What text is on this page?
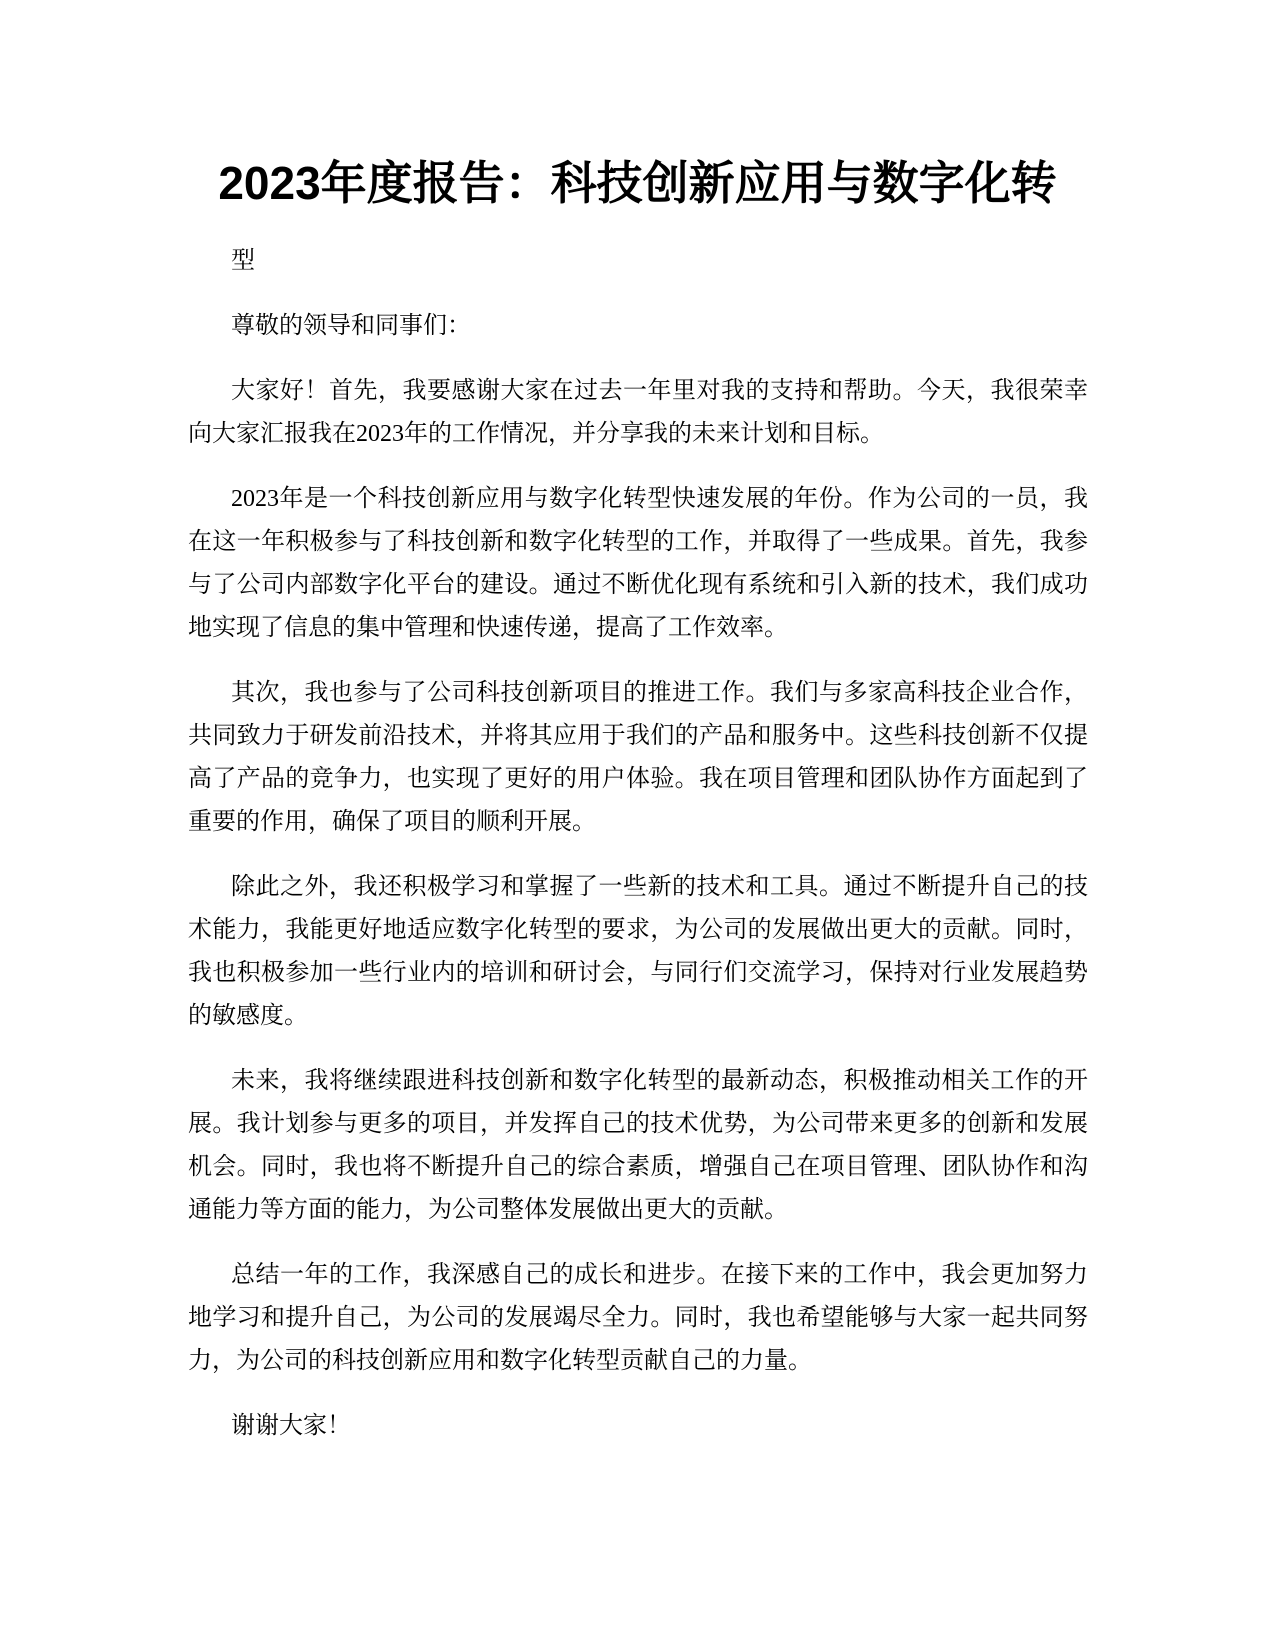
2023年度报告：科技创新应用与数字化转

型

尊敬的领导和同事们：

大家好！首先，我要感谢大家在过去一年里对我的支持和帮助。今天，我很荣幸向大家汇报我在2023年的工作情况，并分享我的未来计划和目标。

2023年是一个科技创新应用与数字化转型快速发展的年份。作为公司的一员，我在这一年积极参与了科技创新和数字化转型的工作，并取得了一些成果。首先，我参与了公司内部数字化平台的建设。通过不断优化现有系统和引入新的技术，我们成功地实现了信息的集中管理和快速传递，提高了工作效率。

其次，我也参与了公司科技创新项目的推进工作。我们与多家高科技企业合作，共同致力于研发前沿技术，并将其应用于我们的产品和服务中。这些科技创新不仅提高了产品的竞争力，也实现了更好的用户体验。我在项目管理和团队协作方面起到了重要的作用，确保了项目的顺利开展。

除此之外，我还积极学习和掌握了一些新的技术和工具。通过不断提升自己的技术能力，我能更好地适应数字化转型的要求，为公司的发展做出更大的贡献。同时，我也积极参加一些行业内的培训和研讨会，与同行们交流学习，保持对行业发展趋势的敏感度。

未来，我将继续跟进科技创新和数字化转型的最新动态，积极推动相关工作的开展。我计划参与更多的项目，并发挥自己的技术优势，为公司带来更多的创新和发展机会。同时，我也将不断提升自己的综合素质，增强自己在项目管理、团队协作和沟通能力等方面的能力，为公司整体发展做出更大的贡献。

总结一年的工作，我深感自己的成长和进步。在接下来的工作中，我会更加努力地学习和提升自己，为公司的发展竭尽全力。同时，我也希望能够与大家一起共同努力，为公司的科技创新应用和数字化转型贡献自己的力量。

谢谢大家！
